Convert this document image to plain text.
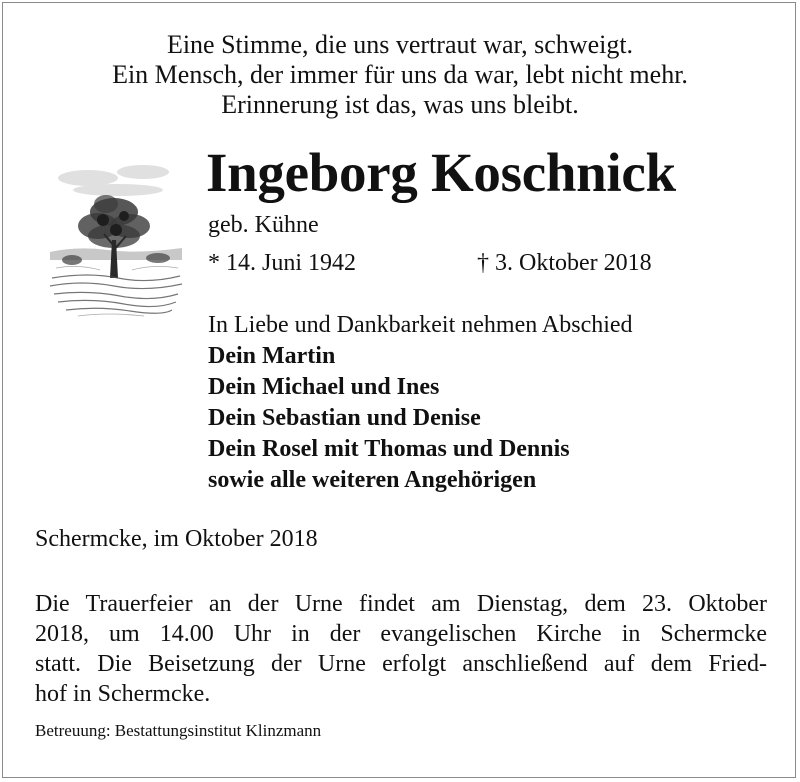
Eine Stimme, die uns vertraut war, schweigt.
Ein Mensch, der immer für uns da war, lebt nicht mehr.
Erinnerung ist das, was uns bleibt.
Ingeborg Koschnick
geb. Kühne
* 14. Juni 1942	† 3. Oktober 2018
In Liebe und Dankbarkeit nehmen Abschied
Dein Martin
Dein Michael und Ines
Dein Sebastian und Denise
Dein Rosel mit Thomas und Dennis
sowie alle weiteren Angehörigen
Schermcke, im Oktober 2018
Die Trauerfeier an der Urne findet am Dienstag, dem 23. Oktober
2018, um 14.00 Uhr in der evangelischen Kirche in Schermcke
statt. Die Beisetzung der Urne erfolgt anschließend auf dem Fried-
hof in Schermcke.
Betreuung: Bestattungsinstitut Klinzmann
